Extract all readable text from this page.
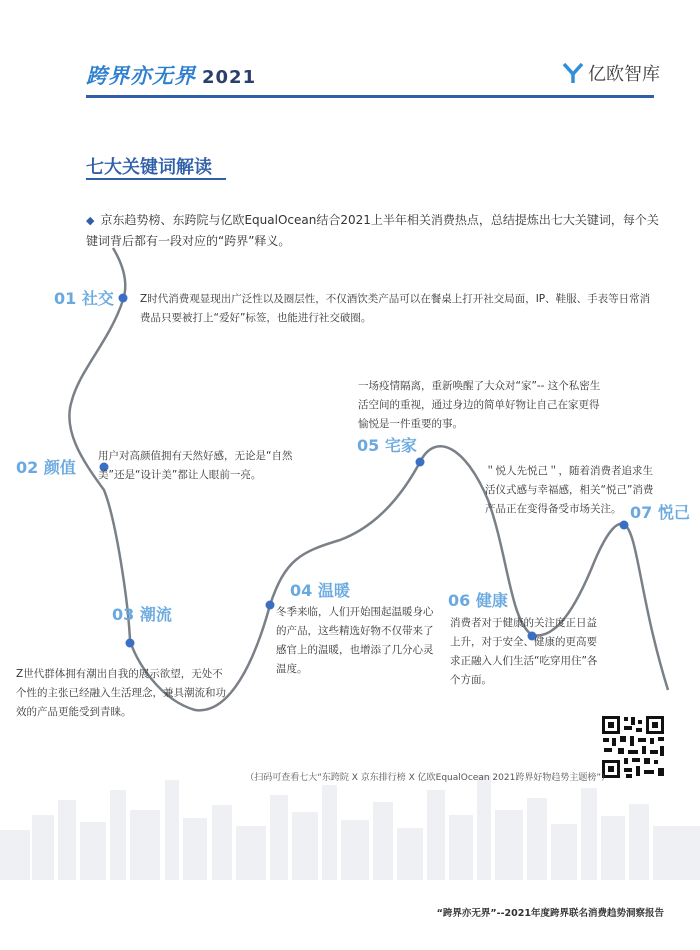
跨界亦无界 2021	亿欧智库
七大关键词解读
◆ 京东趋势榜、东跨院与亿欧EqualOcean结合2021上半年相关消费热点，总结提炼出七大关键词，每个关键词背后都有一段对应的“跨界”释义。
01 社交 Z时代消费观显现出广泛性以及圈层性，不仅酒饮类产品可以在餐桌上打开社交局面，IP、鞋服、手表等日常消费品只要被打上“爱好”标签，也能进行社交破圈。
02 颜值
用户对高颜值拥有天然好感，无论是“自然美”还是“设计美”都让人眼前一亮。
03 潮流
Z世代群体拥有潮出自我的展示欲望，无处不个性的主张已经融入生活理念，兼具潮流和功效的产品更能受到青睐。
04 温暖
冬季来临，人们开始围起温暖身心的产品，这些精选好物不仅带来了感官上的温暖，也增添了几分心灵温度。
一场疫情隔离，重新唤醒了大众对“家”-- 这个私密生活空间的重视，通过身边的简单好物让自己在家更得愉悦是一件重要的事。
05 宅家
06 健康
消费者对于健康的关注度正日益上升，对于安全、健康的更高要求正融入人们生活“吃穿用住”各个方面。
＂悦人先悦己＂，随着消费者追求生活仪式感与幸福感，相关“悦己”消费产品正在变得备受市场关注。 07 悦己
（扫码可查看七大“东跨院 X 京东排行榜 X 亿欧EqualOcean 2021跨界好物趋势主题榜”）
“跨界亦无界”--2021年度跨界联名消费趋势洞察报告
